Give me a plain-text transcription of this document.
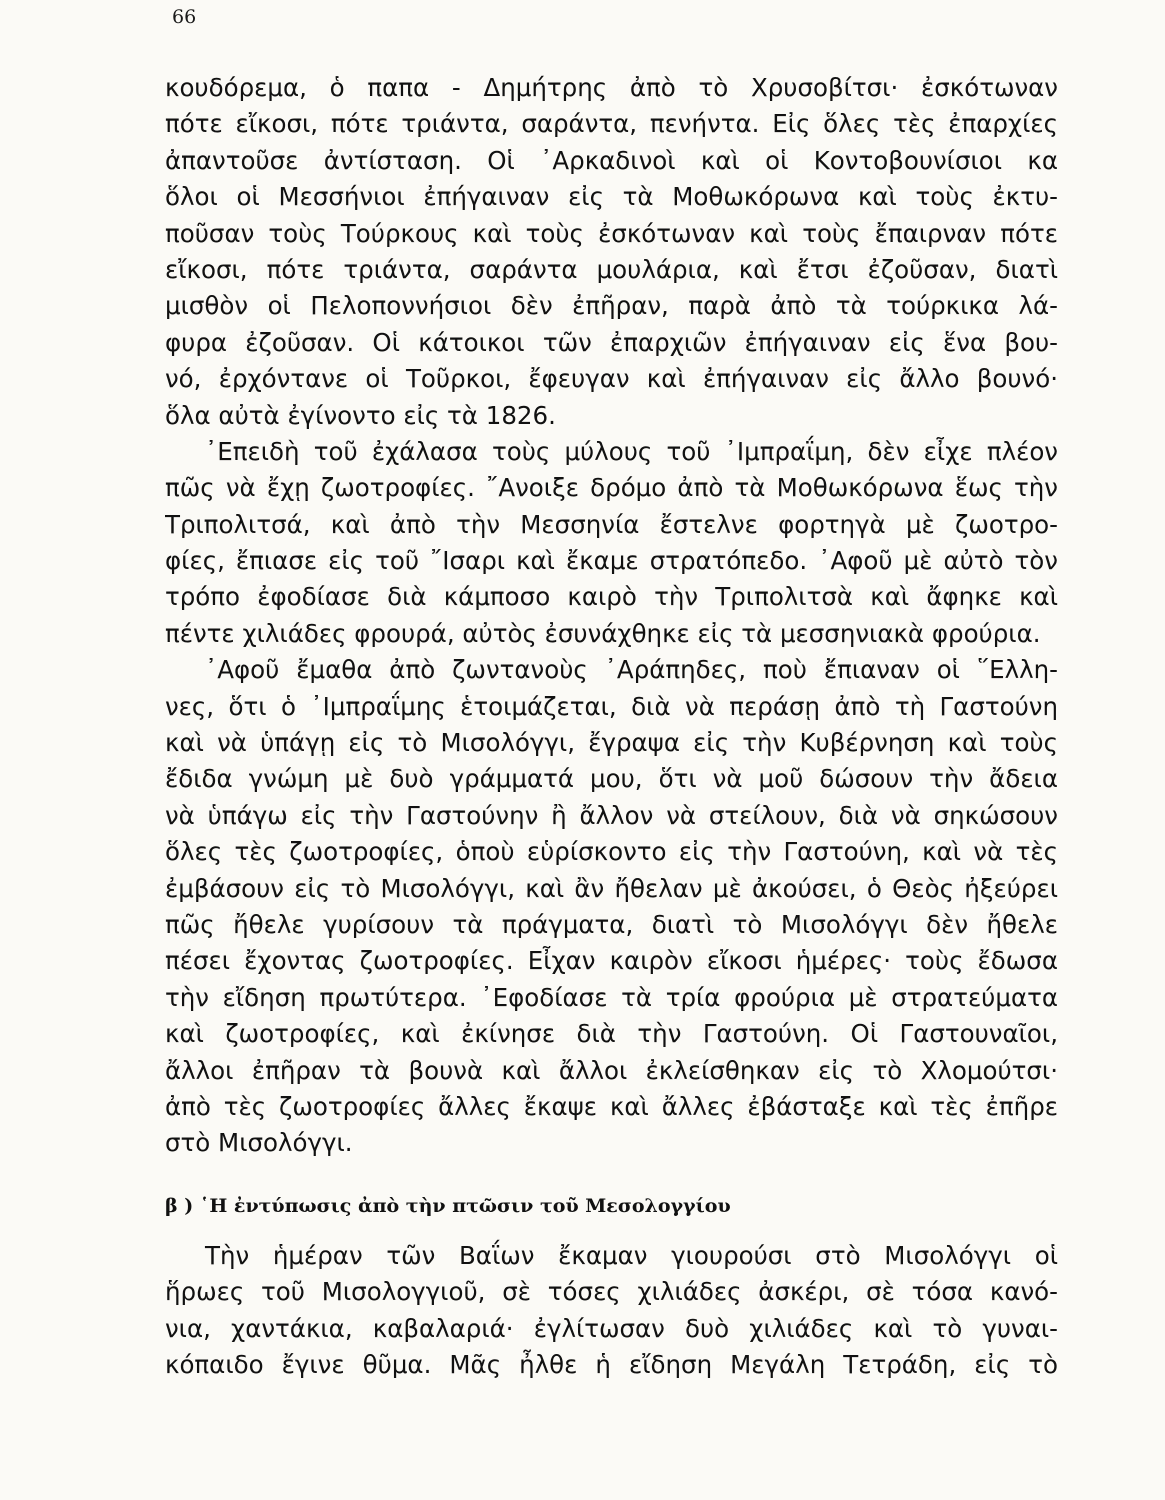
66
κουδόρεμα, ὁ παπα - Δημήτρης ἀπὸ τὸ Χρυσοβίτσι· ἐσκότωναν
πότε εἴκοσι, πότε τριάντα, σαράντα, πενήντα. Εἰς ὅλες τὲς ἐπαρχίες
ἀπαντοῦσε ἀντίσταση. Οἱ ᾿Αρκαδινοὶ καὶ οἱ Κοντοβουνίσιοι κα
ὅλοι οἱ Μεσσήνιοι ἐπήγαιναν εἰς τὰ Μοθωκόρωνα καὶ τοὺς ἐκτυ-
ποῦσαν τοὺς Τούρκους καὶ τοὺς ἐσκότωναν καὶ τοὺς ἔπαιρναν πότε
εἴκοσι, πότε τριάντα, σαράντα μουλάρια, καὶ ἔτσι ἐζοῦσαν, διατὶ
μισθὸν οἱ Πελοποννήσιοι δὲν ἐπῆραν, παρὰ ἀπὸ τὰ τούρκικα λά-
φυρα ἐζοῦσαν. Οἱ κάτοικοι τῶν ἐπαρχιῶν ἐπήγαιναν εἰς ἕνα βου-
νό, ἐρχόντανε οἱ Τοῦρκοι, ἔφευγαν καὶ ἐπήγαιναν εἰς ἄλλο βουνό·
ὅλα αὐτὰ ἐγίνοντο εἰς τὰ 1826.
᾿Επειδὴ τοῦ ἐχάλασα τοὺς μύλους τοῦ ᾿Ιμπραΐμη, δὲν εἶχε πλέον
πῶς νὰ ἔχῃ ζωοτροφίες. ῎Ανοιξε δρόμο ἀπὸ τὰ Μοθωκόρωνα ἕως τὴν
Τριπολιτσά, καὶ ἀπὸ τὴν Μεσσηνία ἔστελνε φορτηγὰ μὲ ζωοτρο-
φίες, ἔπιασε εἰς τοῦ ῎Ισαρι καὶ ἔκαμε στρατόπεδο. ᾿Αφοῦ μὲ αὐτὸ τὸν
τρόπο ἐφοδίασε διὰ κάμποσο καιρὸ τὴν Τριπολιτσὰ καὶ ἄφηκε καὶ
πέντε χιλιάδες φρουρά, αὐτὸς ἐσυνάχθηκε εἰς τὰ μεσσηνιακὰ φρούρια.
᾿Αφοῦ ἔμαθα ἀπὸ ζωντανοὺς ᾿Αράπηδες, ποὺ ἔπιαναν οἱ ῞Ελλη-
νες, ὅτι ὁ ᾿Ιμπραΐμης ἑτοιμάζεται, διὰ νὰ περάσῃ ἀπὸ τὴ Γαστούνη
καὶ νὰ ὑπάγῃ εἰς τὸ Μισολόγγι, ἔγραψα εἰς τὴν Κυβέρνηση καὶ τοὺς
ἔδιδα γνώμη μὲ δυὸ γράμματά μου, ὅτι νὰ μοῦ δώσουν τὴν ἄδεια
νὰ ὑπάγω εἰς τὴν Γαστούνην ἢ ἄλλον νὰ στείλουν, διὰ νὰ σηκώσουν
ὅλες τὲς ζωοτροφίες, ὁποὺ εὑρίσκοντο εἰς τὴν Γαστούνη, καὶ νὰ τὲς
ἐμβάσουν εἰς τὸ Μισολόγγι, καὶ ἂν ἤθελαν μὲ ἀκούσει, ὁ Θεὸς ἠξεύρει
πῶς ἤθελε γυρίσουν τὰ πράγματα, διατὶ τὸ Μισολόγγι δὲν ἤθελε
πέσει ἔχοντας ζωοτροφίες. Εἶχαν καιρὸν εἴκοσι ἡμέρες· τοὺς ἔδωσα
τὴν εἴδηση πρωτύτερα. ᾿Εφοδίασε τὰ τρία φρούρια μὲ στρατεύματα
καὶ ζωοτροφίες, καὶ ἐκίνησε διὰ τὴν Γαστούνη. Οἱ Γαστουναῖοι,
ἄλλοι ἐπῆραν τὰ βουνὰ καὶ ἄλλοι ἐκλείσθηκαν εἰς τὸ Χλομούτσι·
ἀπὸ τὲς ζωοτροφίες ἄλλες ἔκαψε καὶ ἄλλες ἐβάσταξε καὶ τὲς ἐπῆρε
στὸ Μισολόγγι.
β ) ῾Η ἐντύπωσις ἀπὸ τὴν πτῶσιν τοῦ Μεσολογγίου
Τὴν ἡμέραν τῶν Βαΐων ἔκαμαν γιουρούσι στὸ Μισολόγγι οἱ
ἥρωες τοῦ Μισολογγιοῦ, σὲ τόσες χιλιάδες ἀσκέρι, σὲ τόσα κανό-
νια, χαντάκια, καβαλαριά· ἐγλίτωσαν δυὸ χιλιάδες καὶ τὸ γυναι-
κόπαιδο ἔγινε θῦμα. Μᾶς ἦλθε ἡ εἴδηση Μεγάλη Τετράδη, εἰς τὸ
